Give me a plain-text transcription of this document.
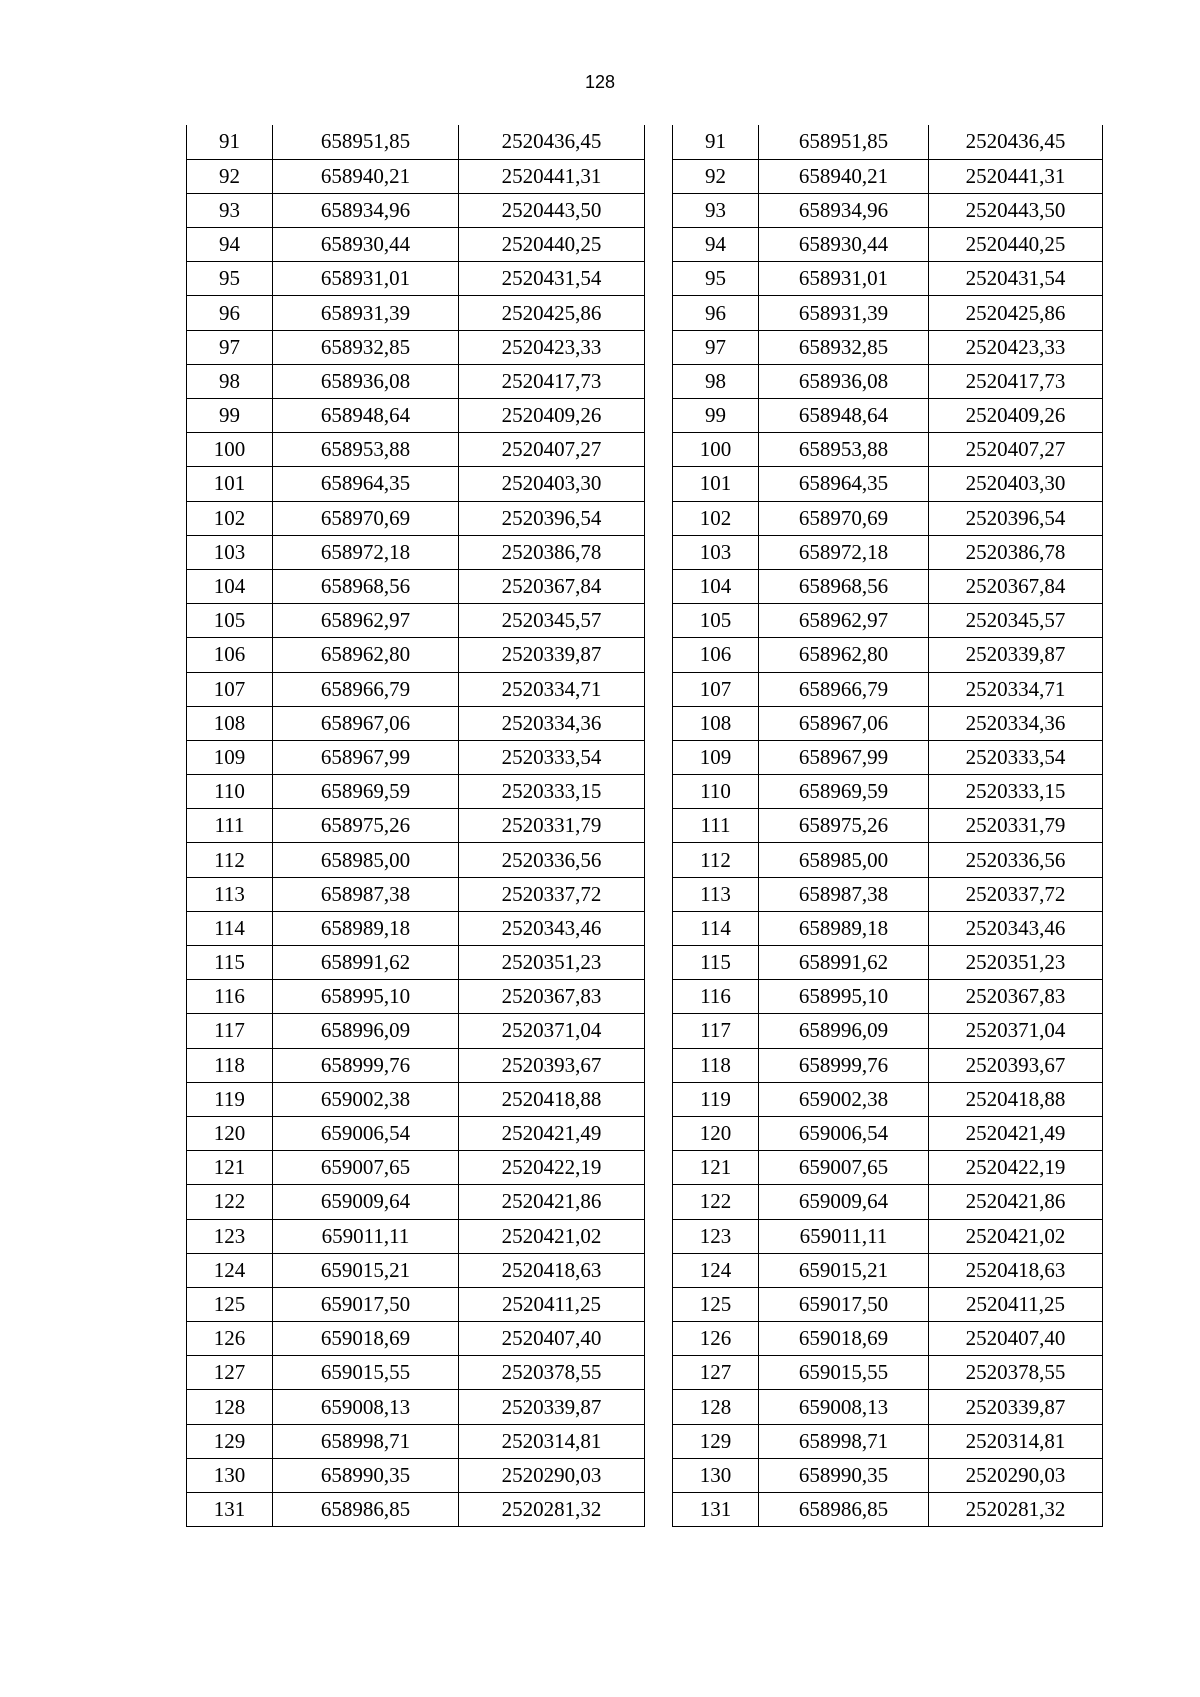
128
91	658951,85	2520436,45
92	658940,21	2520441,31
93	658934,96	2520443,50
94	658930,44	2520440,25
95	658931,01	2520431,54
96	658931,39	2520425,86
97	658932,85	2520423,33
98	658936,08	2520417,73
99	658948,64	2520409,26
100	658953,88	2520407,27
101	658964,35	2520403,30
102	658970,69	2520396,54
103	658972,18	2520386,78
104	658968,56	2520367,84
105	658962,97	2520345,57
106	658962,80	2520339,87
107	658966,79	2520334,71
108	658967,06	2520334,36
109	658967,99	2520333,54
110	658969,59	2520333,15
111	658975,26	2520331,79
112	658985,00	2520336,56
113	658987,38	2520337,72
114	658989,18	2520343,46
115	658991,62	2520351,23
116	658995,10	2520367,83
117	658996,09	2520371,04
118	658999,76	2520393,67
119	659002,38	2520418,88
120	659006,54	2520421,49
121	659007,65	2520422,19
122	659009,64	2520421,86
123	659011,11	2520421,02
124	659015,21	2520418,63
125	659017,50	2520411,25
126	659018,69	2520407,40
127	659015,55	2520378,55
128	659008,13	2520339,87
129	658998,71	2520314,81
130	658990,35	2520290,03
131	658986,85	2520281,32
91	658951,85	2520436,45
92	658940,21	2520441,31
93	658934,96	2520443,50
94	658930,44	2520440,25
95	658931,01	2520431,54
96	658931,39	2520425,86
97	658932,85	2520423,33
98	658936,08	2520417,73
99	658948,64	2520409,26
100	658953,88	2520407,27
101	658964,35	2520403,30
102	658970,69	2520396,54
103	658972,18	2520386,78
104	658968,56	2520367,84
105	658962,97	2520345,57
106	658962,80	2520339,87
107	658966,79	2520334,71
108	658967,06	2520334,36
109	658967,99	2520333,54
110	658969,59	2520333,15
111	658975,26	2520331,79
112	658985,00	2520336,56
113	658987,38	2520337,72
114	658989,18	2520343,46
115	658991,62	2520351,23
116	658995,10	2520367,83
117	658996,09	2520371,04
118	658999,76	2520393,67
119	659002,38	2520418,88
120	659006,54	2520421,49
121	659007,65	2520422,19
122	659009,64	2520421,86
123	659011,11	2520421,02
124	659015,21	2520418,63
125	659017,50	2520411,25
126	659018,69	2520407,40
127	659015,55	2520378,55
128	659008,13	2520339,87
129	658998,71	2520314,81
130	658990,35	2520290,03
131	658986,85	2520281,32
